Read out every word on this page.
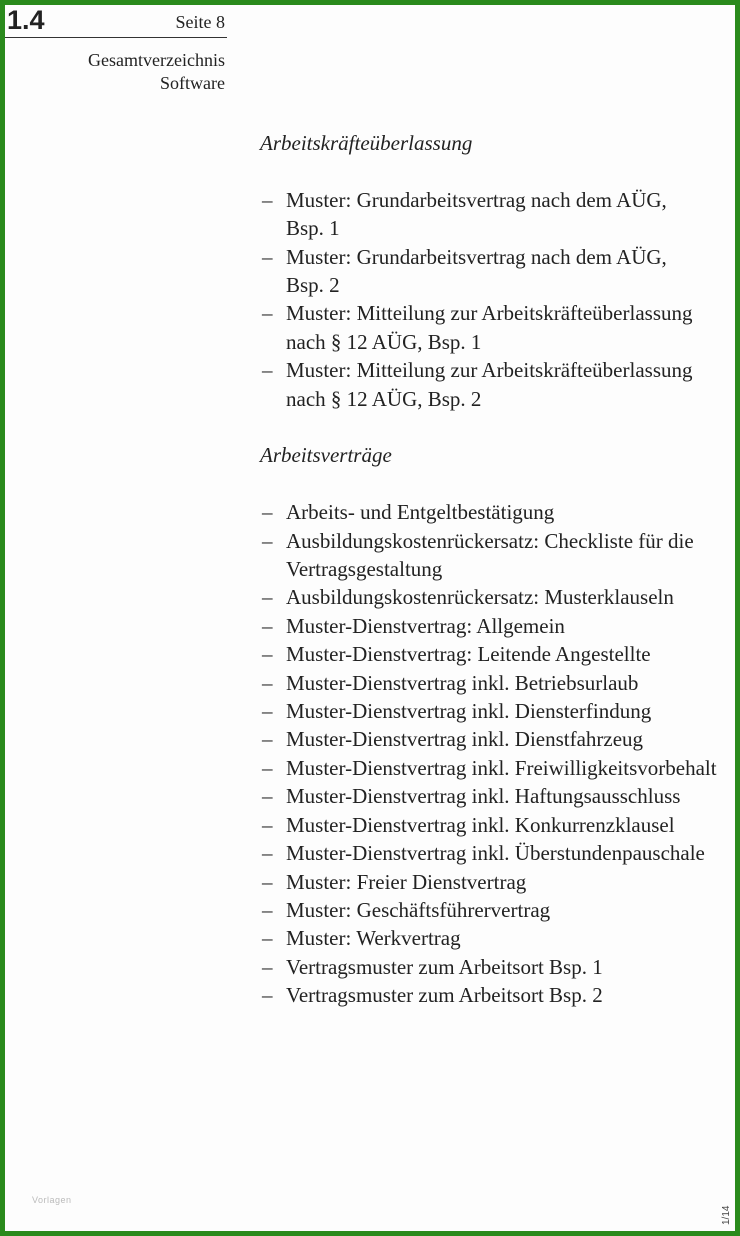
1.4	Seite 8
Gesamtverzeichnis
Software

Arbeitskräfteüberlassung

– Muster: Grundarbeitsvertrag nach dem AÜG,
Bsp. 1
– Muster: Grundarbeitsvertrag nach dem AÜG,
Bsp. 2
– Muster: Mitteilung zur Arbeitskräfteüberlassung
nach § 12 AÜG, Bsp. 1
– Muster: Mitteilung zur Arbeitskräfteüberlassung
nach § 12 AÜG, Bsp. 2

Arbeitsverträge

– Arbeits- und Entgeltbestätigung
– Ausbildungskostenrückersatz: Checkliste für die
Vertragsgestaltung
– Ausbildungskostenrückersatz: Musterklauseln
– Muster-Dienstvertrag: Allgemein
– Muster-Dienstvertrag: Leitende Angestellte
– Muster-Dienstvertrag inkl. Betriebsurlaub
– Muster-Dienstvertrag inkl. Diensterfindung
– Muster-Dienstvertrag inkl. Dienstfahrzeug
– Muster-Dienstvertrag inkl. Freiwilligkeitsvorbehalt
– Muster-Dienstvertrag inkl. Haftungsausschluss
– Muster-Dienstvertrag inkl. Konkurrenzklausel
– Muster-Dienstvertrag inkl. Überstundenpauschale
– Muster: Freier Dienstvertrag
– Muster: Geschäftsführervertrag
– Muster: Werkvertrag
– Vertragsmuster zum Arbeitsort Bsp. 1
– Vertragsmuster zum Arbeitsort Bsp. 2
Vorlagen
1/14
